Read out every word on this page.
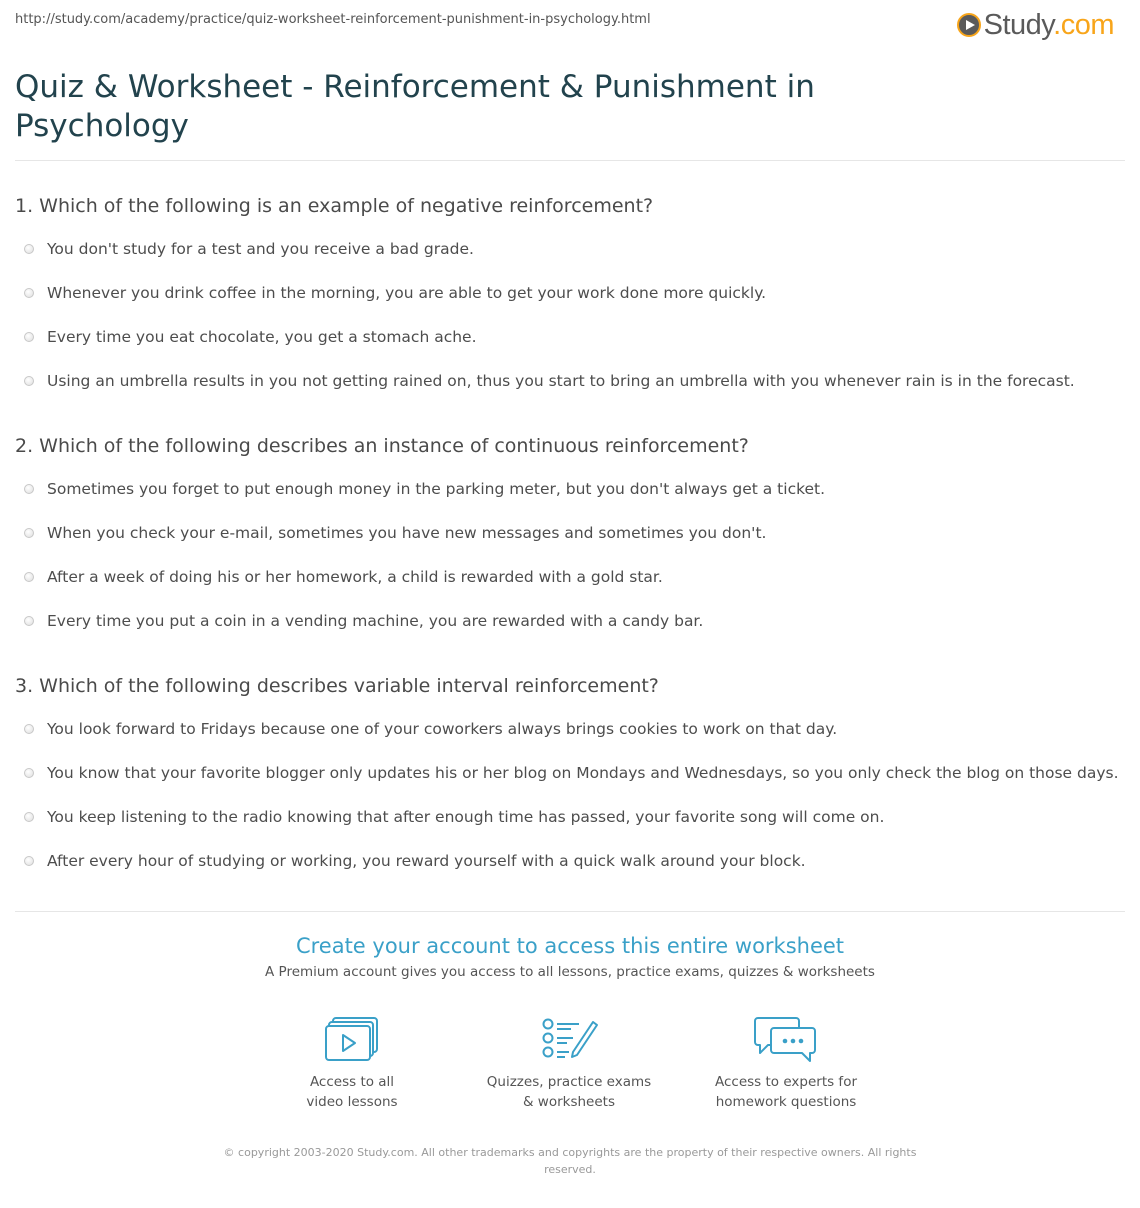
http://study.com/academy/practice/quiz-worksheet-reinforcement-punishment-in-psychology.html	Study.com
Quiz & Worksheet - Reinforcement & Punishment in Psychology
1. Which of the following is an example of negative reinforcement?
You don't study for a test and you receive a bad grade.
Whenever you drink coffee in the morning, you are able to get your work done more quickly.
Every time you eat chocolate, you get a stomach ache.
Using an umbrella results in you not getting rained on, thus you start to bring an umbrella with you whenever rain is in the forecast.
2. Which of the following describes an instance of continuous reinforcement?
Sometimes you forget to put enough money in the parking meter, but you don't always get a ticket.
When you check your e-mail, sometimes you have new messages and sometimes you don't.
After a week of doing his or her homework, a child is rewarded with a gold star.
Every time you put a coin in a vending machine, you are rewarded with a candy bar.
3. Which of the following describes variable interval reinforcement?
You look forward to Fridays because one of your coworkers always brings cookies to work on that day.
You know that your favorite blogger only updates his or her blog on Mondays and Wednesdays, so you only check the blog on those days.
You keep listening to the radio knowing that after enough time has passed, your favorite song will come on.
After every hour of studying or working, you reward yourself with a quick walk around your block.
Create your account to access this entire worksheet
A Premium account gives you access to all lessons, practice exams, quizzes & worksheets
Access to all
video lessons
Quizzes, practice exams
& worksheets
Access to experts for
homework questions
© copyright 2003-2020 Study.com. All other trademarks and copyrights are the property of their respective owners. All rights reserved.
